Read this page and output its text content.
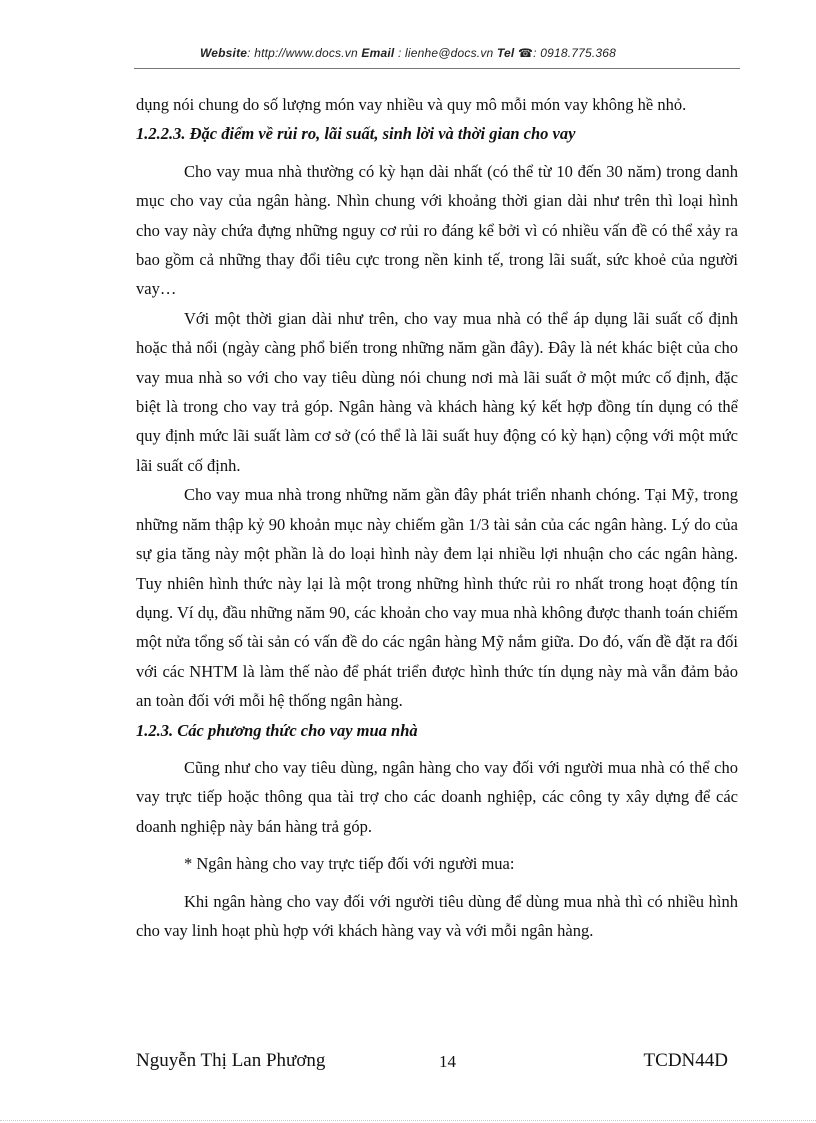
Website: http://www.docs.vn Email : lienhe@docs.vn Tel ☎: 0918.775.368

dụng nói chung do số lượng món vay nhiều và quy mô mỗi món vay không hề nhỏ.

1.2.2.3. Đặc điểm về rủi ro, lãi suất, sinh lời và thời gian cho vay

Cho vay mua nhà thường có kỳ hạn dài nhất (có thể từ 10 đến 30 năm) trong danh mục cho vay của ngân hàng. Nhìn chung với khoảng thời gian dài như trên thì loại hình cho vay này chứa đựng những nguy cơ rủi ro đáng kể bởi vì có nhiều vấn đề có thể xảy ra bao gồm cả những thay đổi tiêu cực trong nền kinh tế, trong lãi suất, sức khoẻ của người vay…

Với một thời gian dài như trên, cho vay mua nhà có thể áp dụng lãi suất cố định hoặc thả nổi (ngày càng phổ biến trong những năm gần đây). Đây là nét khác biệt của cho vay mua nhà so với cho vay tiêu dùng nói chung nơi mà lãi suất ở một mức cố định, đặc biệt là trong cho vay trả góp. Ngân hàng và khách hàng ký kết hợp đồng tín dụng có thể quy định mức lãi suất làm cơ sở (có thể là lãi suất huy động có kỳ hạn) cộng với một mức lãi suất cố định.

Cho vay mua nhà trong những năm gần đây phát triển nhanh chóng. Tại Mỹ, trong những năm thập kỷ 90 khoản mục này chiếm gần 1/3 tài sản của các ngân hàng. Lý do của sự gia tăng này một phần là do loại hình này đem lại nhiều lợi nhuận cho các ngân hàng. Tuy nhiên hình thức này lại là một trong những hình thức rủi ro nhất trong hoạt động tín dụng. Ví dụ, đầu những năm 90, các khoản cho vay mua nhà không được thanh toán chiếm một nửa tổng số tài sản có vấn đề do các ngân hàng Mỹ nắm giữa. Do đó, vấn đề đặt ra đối với các NHTM là làm thế nào để phát triển được hình thức tín dụng này mà vẫn đảm bảo an toàn đối với mỗi hệ thống ngân hàng.

1.2.3. Các phương thức cho vay mua nhà

Cũng như cho vay tiêu dùng, ngân hàng cho vay đối với người mua nhà có thể cho vay trực tiếp hoặc thông qua tài trợ cho các doanh nghiệp, các công ty xây dựng để các doanh nghiệp này bán hàng trả góp.

* Ngân hàng cho vay trực tiếp đối với người mua:

Khi ngân hàng cho vay đối với người tiêu dùng để dùng mua nhà thì có nhiều hình cho vay linh hoạt phù hợp với khách hàng vay và với mỗi ngân hàng.

Nguyễn Thị Lan Phương	14	TCDN44D
